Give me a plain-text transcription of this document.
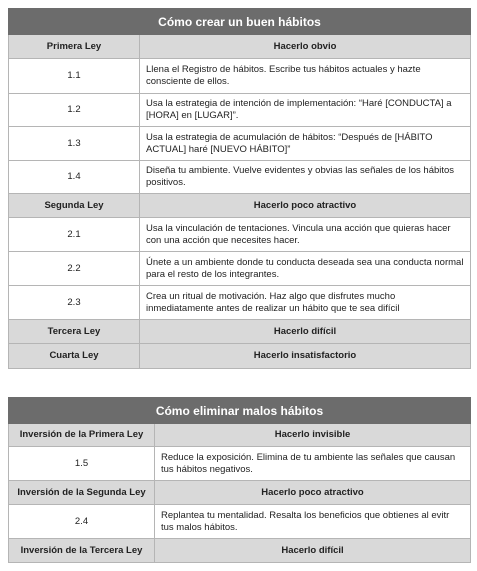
Cómo crear un buen hábitos	
Primera Ley	Hacerlo obvio
1.1	Llena el Registro de hábitos. Escribe tus hábitos actuales y hazte consciente de ellos.
1.2	Usa la estrategia de intención de implementación: “Haré [CONDUCTA] a [HORA] en [LUGAR]”.
1.3	Usa la estrategia de acumulación de hábitos: “Después de [HÁBITO ACTUAL] haré [NUEVO HÁBITO]”
1.4	Diseña tu ambiente. Vuelve evidentes y obvias las señales de los hábitos positivos.
Segunda Ley	Hacerlo poco atractivo
2.1	Usa la vinculación de tentaciones. Vincula una acción que quieras hacer con una acción que necesites hacer.
2.2	Únete a un ambiente donde tu conducta deseada sea una conducta normal para el resto de los integrantes.
2.3	Crea un ritual de motivación. Haz algo que disfrutes mucho inmediatamente antes de realizar un hábito que te sea difícil
Tercera Ley	Hacerlo difícil
Cuarta Ley	Hacerlo insatisfactorio
Cómo eliminar malos hábitos	
Inversión de la Primera Ley	Hacerlo invisible
1.5	Reduce la exposición. Elimina de tu ambiente las señales que causan tus hábitos negativos.
Inversión de la Segunda Ley	Hacerlo poco atractivo
2.4	Replantea tu mentalidad. Resalta los beneficios que obtienes al evitr tus malos hábitos.
Inversión de la Tercera Ley	Hacerlo difícil
